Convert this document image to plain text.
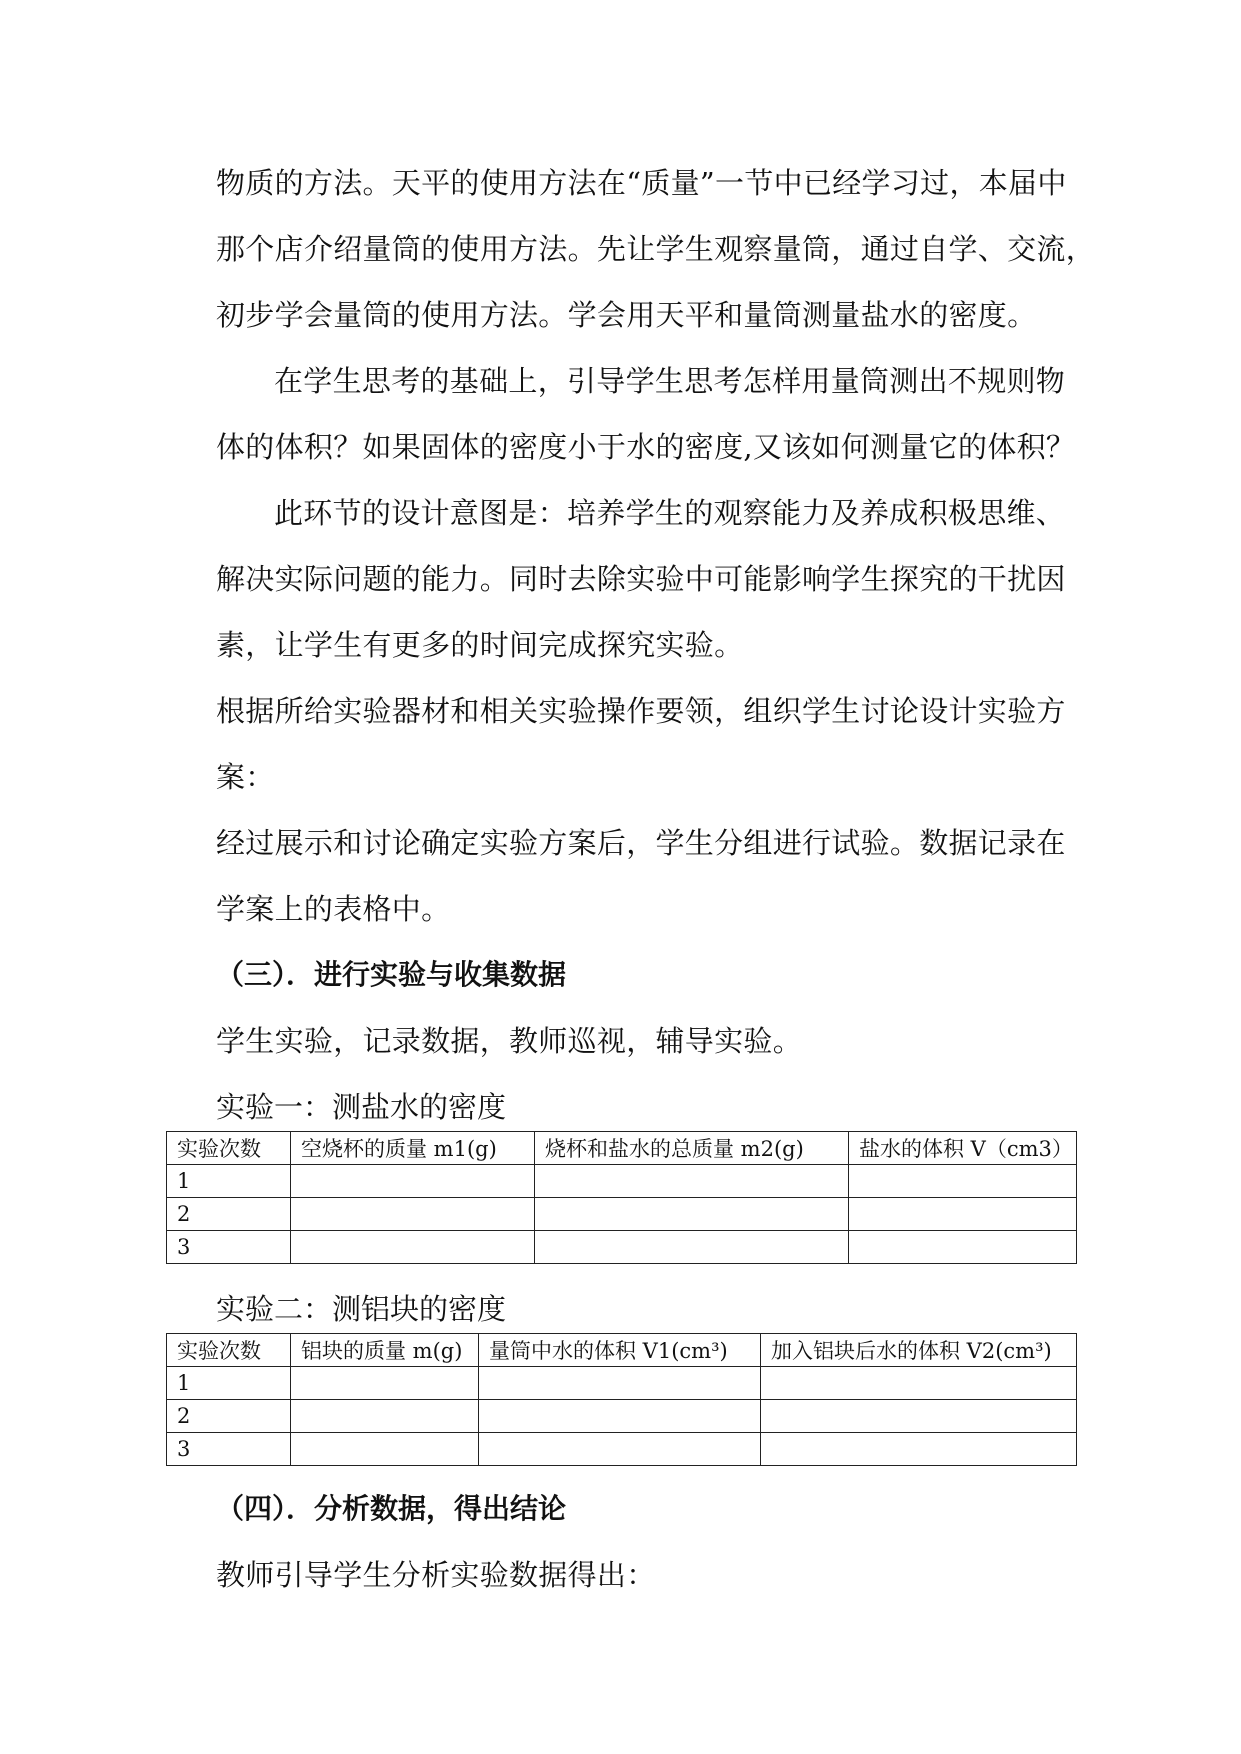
物质的方法。天平的使用方法在“质量”一节中已经学习过，本届中
那个店介绍量筒的使用方法。先让学生观察量筒，通过自学、交流，
初步学会量筒的使用方法。学会用天平和量筒测量盐水的密度。
在学生思考的基础上，引导学生思考怎样用量筒测出不规则物
体的体积？如果固体的密度小于水的密度,又该如何测量它的体积？
此环节的设计意图是：培养学生的观察能力及养成积极思维、
解决实际问题的能力。同时去除实验中可能影响学生探究的干扰因
素，让学生有更多的时间完成探究实验。
根据所给实验器材和相关实验操作要领，组织学生讨论设计实验方
案：
经过展示和讨论确定实验方案后，学生分组进行试验。数据记录在
学案上的表格中。
（三）．进行实验与收集数据
学生实验，记录数据，教师巡视，辅导实验。
实验一：测盐水的密度
实验次数	空烧杯的质量 m1(g)	烧杯和盐水的总质量 m2(g)	盐水的体积 V（cm3）
1			
2			
3			
实验二：测铝块的密度
实验次数	铝块的质量 m(g)	量筒中水的体积 V1(cm³)	加入铝块后水的体积 V2(cm³)
1			
2			
3			
（四）．分析数据，得出结论
教师引导学生分析实验数据得出：
